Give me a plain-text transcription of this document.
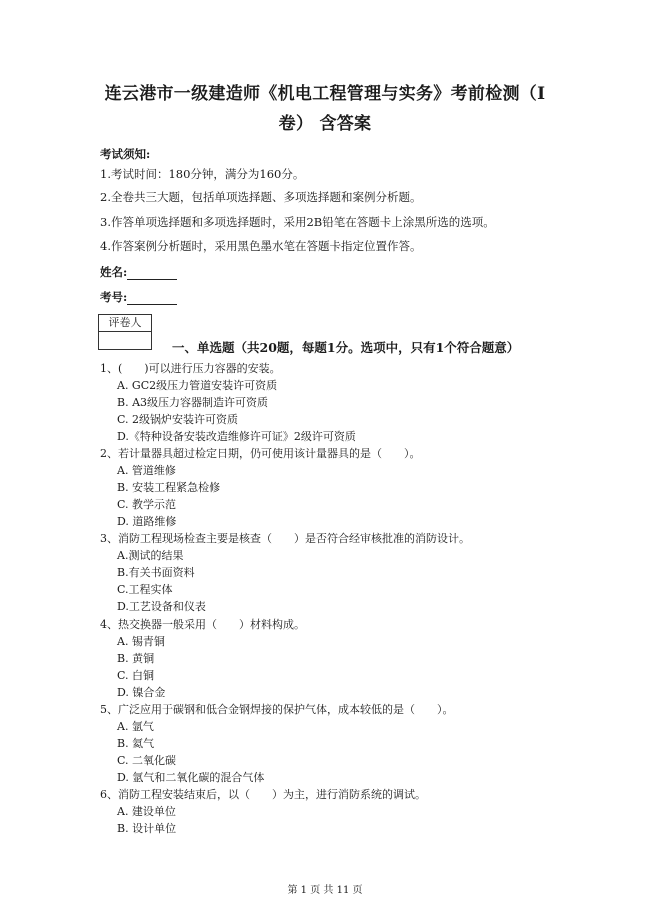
连云港市一级建造师《机电工程管理与实务》考前检测（I
卷） 含答案
考试须知:
1.考试时间：180分钟，满分为160分。
2.全卷共三大题，包括单项选择题、多项选择题和案例分析题。
3.作答单项选择题和多项选择题时，采用2B铅笔在答题卡上涂黑所选的选项。
4.作答案例分析题时，采用黑色墨水笔在答题卡指定位置作答。
姓名:
考号:
评卷人
一、单选题（共20题，每题1分。选项中，只有1个符合题意）
1、(　　)可以进行压力容器的安装。
A. GC2级压力管道安装许可资质
B. A3级压力容器制造许可资质
C. 2级锅炉安装许可资质
D.《特种设备安装改造维修许可证》2级许可资质
2、若计量器具超过检定日期，仍可使用该计量器具的是（　　）。
A. 管道维修
B. 安装工程紧急检修
C. 教学示范
D. 道路维修
3、消防工程现场检查主要是核查（　　）是否符合经审核批准的消防设计。
A.测试的结果
B.有关书面资料
C.工程实体
D.工艺设备和仪表
4、热交换器一般采用（　　）材料构成。
A. 锡青铜
B. 黄铜
C. 白铜
D. 镍合金
5、广泛应用于碳钢和低合金钢焊接的保护气体，成本较低的是（　　）。
A. 氩气
B. 氦气
C. 二氧化碳
D. 氩气和二氧化碳的混合气体
6、消防工程安装结束后，以（　　）为主，进行消防系统的调试。
A. 建设单位
B. 设计单位
第 1 页 共 11 页
